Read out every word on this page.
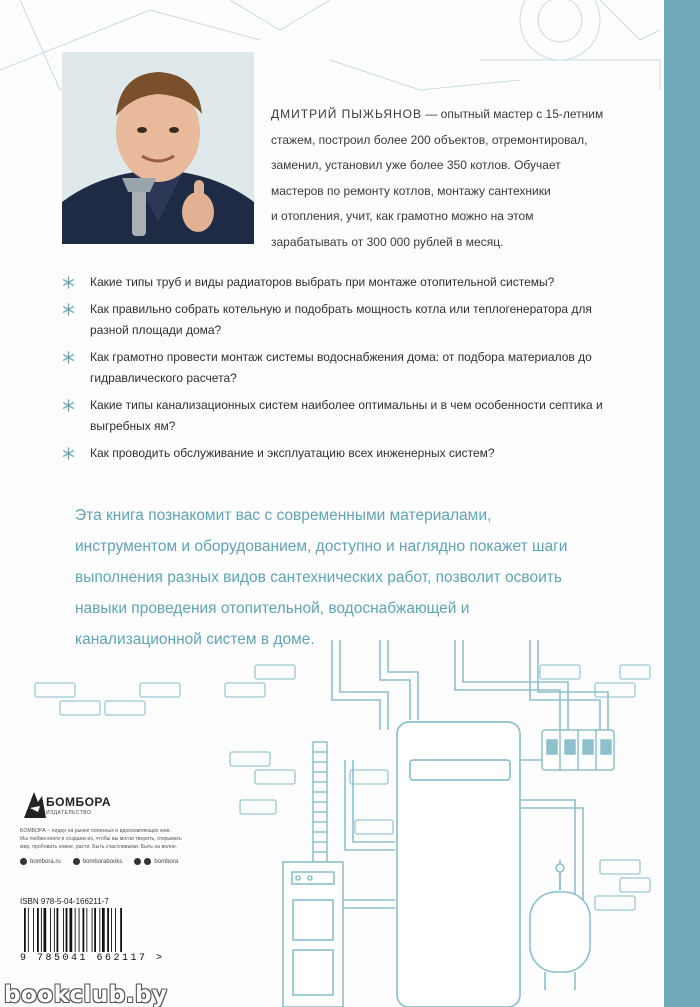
ДМИТРИЙ ПЫЖЬЯНОВ — опытный мастер с 15-летним
стажем, построил более 200 объектов, отремонтировал,
заменил, установил уже более 350 котлов. Обучает
мастеров по ремонту котлов, монтажу сантехники
и отопления, учит, как грамотно можно на этом
зарабатывать от 300 000 рублей в месяц.
Какие типы труб и виды радиаторов выбрать при монтаже отопительной системы?
Как правильно собрать котельную и подобрать мощность котла или теплогенератора для разной площади дома?
Как грамотно провести монтаж системы водоснабжения дома: от подбора материалов до гидравлического расчета?
Какие типы канализационных систем наиболее оптимальны и в чем особенности септика и выгребных ям?
Как проводить обслуживание и эксплуатацию всех инженерных систем?
Эта книга познакомит вас с современными материалами,
инструментом и оборудованием, доступно и наглядно покажет шаги
выполнения разных видов сантехнических работ, позволит освоить
навыки проведения отопительной, водоснабжающей и
канализационной систем в доме.
БОМБОРА
ИЗДАТЕЛЬСТВО
БОМБОРА – лидер на рынке полезных и вдохновляющих книг.
Мы любим книги и создаем их, чтобы вы могли творить, открывать
мир, пробовать новое, расти. Быть счастливыми. Быть на волне.
bombora.ru	bomborabooks	bombora
ISBN 978-5-04-166211-7
9 785041 662117 >
bookclub.by
